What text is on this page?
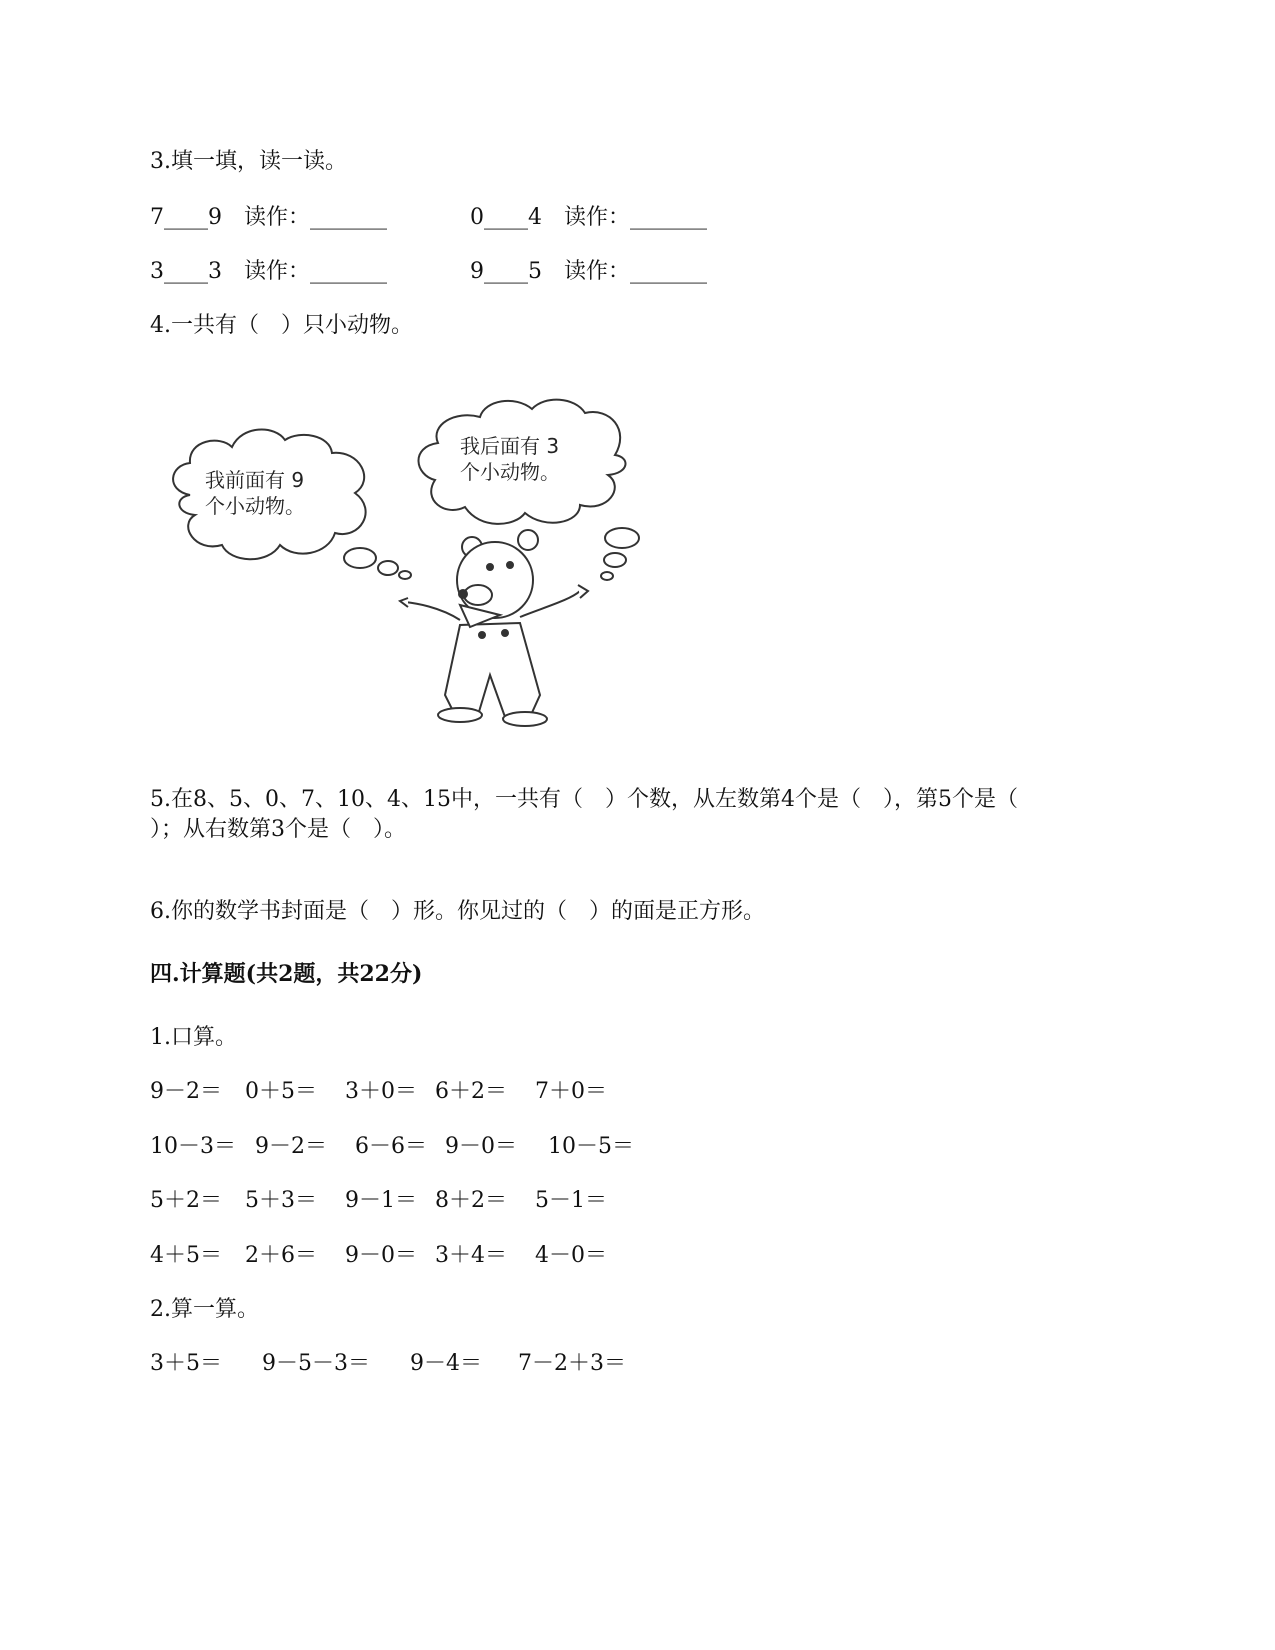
3.填一填，读一读。
7____9　读作：_______	0____4　读作：_______
3____3　读作：_______	9____5　读作：_______
4.一共有（　）只小动物。
我前面有 9
个小动物。
我后面有 3
个小动物。
5.在8、5、0、7、10、4、15中，一共有（　）个数，从左数第4个是（　），第5个是（
）；从右数第3个是（　）。
6.你的数学书封面是（　）形。你见过的（　）的面是正方形。
四.计算题(共2题，共22分)
1.口算。
9－2＝ 0＋5＝ 3＋0＝ 6＋2＝ 7＋0＝
10－3＝ 9－2＝ 6－6＝ 9－0＝ 10－5＝
5＋2＝ 5＋3＝ 9－1＝ 8＋2＝ 5－1＝
4＋5＝ 2＋6＝ 9－0＝ 3＋4＝ 4－0＝
2.算一算。
3＋5＝ 9－5－3＝ 9－4＝ 7－2＋3＝
